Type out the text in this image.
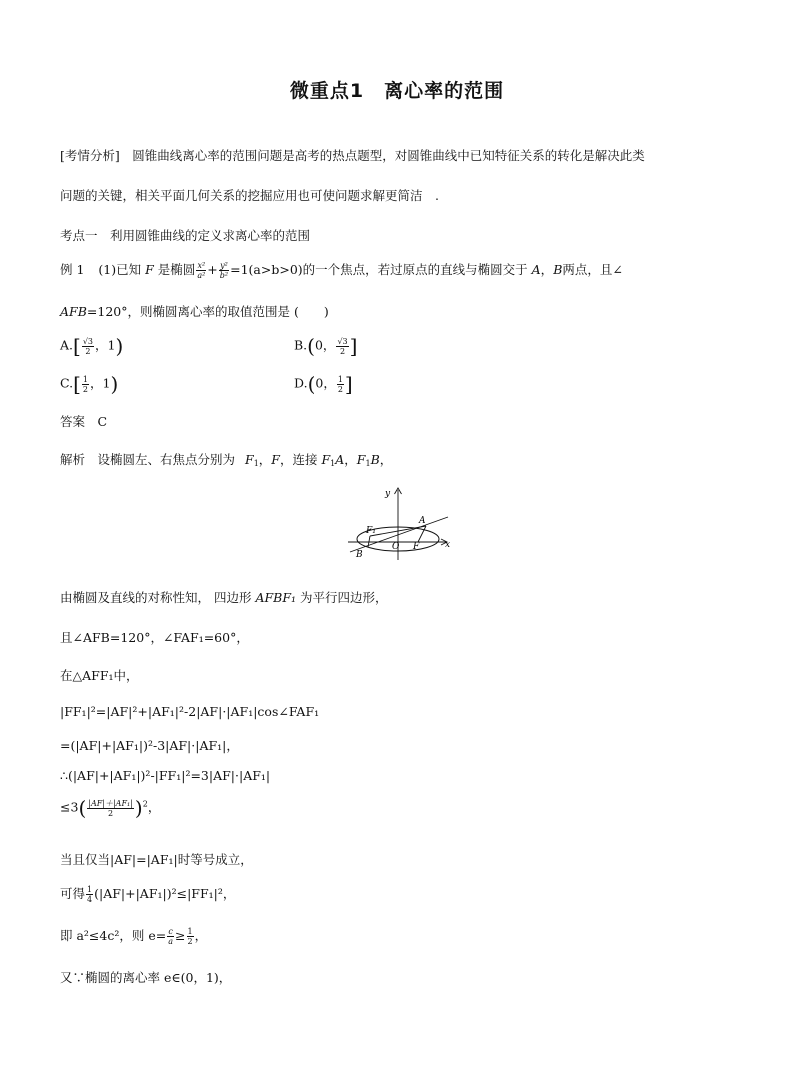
微重点1　离心率的范围
[考情分析]　圆锥曲线离心率的范围问题是高考的热点题型，对圆锥曲线中已知特征关系的转化是解决此类
问题的关键，相关平面几何关系的挖掘应用也可使问题求解更简洁　.
考点一　利用圆锥曲线的定义求离心率的范围
例 1 (1)已知 F 是椭圆 $\frac{\text{x²}}{\text{a²}} + \frac{\text{y²}}{\text{b²}} =1(a>b>0)$的一个焦点，若过原点的直线与椭圆交于 A，B两点，且∠
AFB=120°，则椭圆离心率的取值范围是 (　　)
$A.[ \frac{√3}{2}$ ，1)	B.(0， $\frac{√3}{2}$ ]
$C.[ \frac{1}{2}$ ，1)	D.(0， $\frac{1}{2}$ ]
答案　C
解析　设椭圆左、右焦点分别为 $F_1$，F，连接 $F_1A$，$F_1B$，
y
x
A
B
F₁
O F
由椭圆及直线的对称性知， 四边形 AFBF₁ 为平行四边形，
且∠AFB=120°，∠FAF₁=60°，
在△AFF₁中，
|FF₁|²=|AF|²+|AF₁|²-2|AF|·|AF₁|cos∠FAF₁
=(|AF|+|AF₁|)²-3|AF|·|AF₁|，
∴(|AF|+|AF₁|)²-|FF₁|²=3|AF|·|AF₁|
$\le 3( \frac{\text{|AF|＋|AF₁|}}{2} )^2$，
当且仅当|AF|=|AF₁|时等号成立，
可得 $\frac{1}{4} (|AF|+|AF_1|)^2\le|FF_1|^2$，
即 a²≤4c²，则 $e= \frac{c}{a} \ge \frac{1}{2}$ ，
又∵椭圆的离心率 e∈(0，1)，
